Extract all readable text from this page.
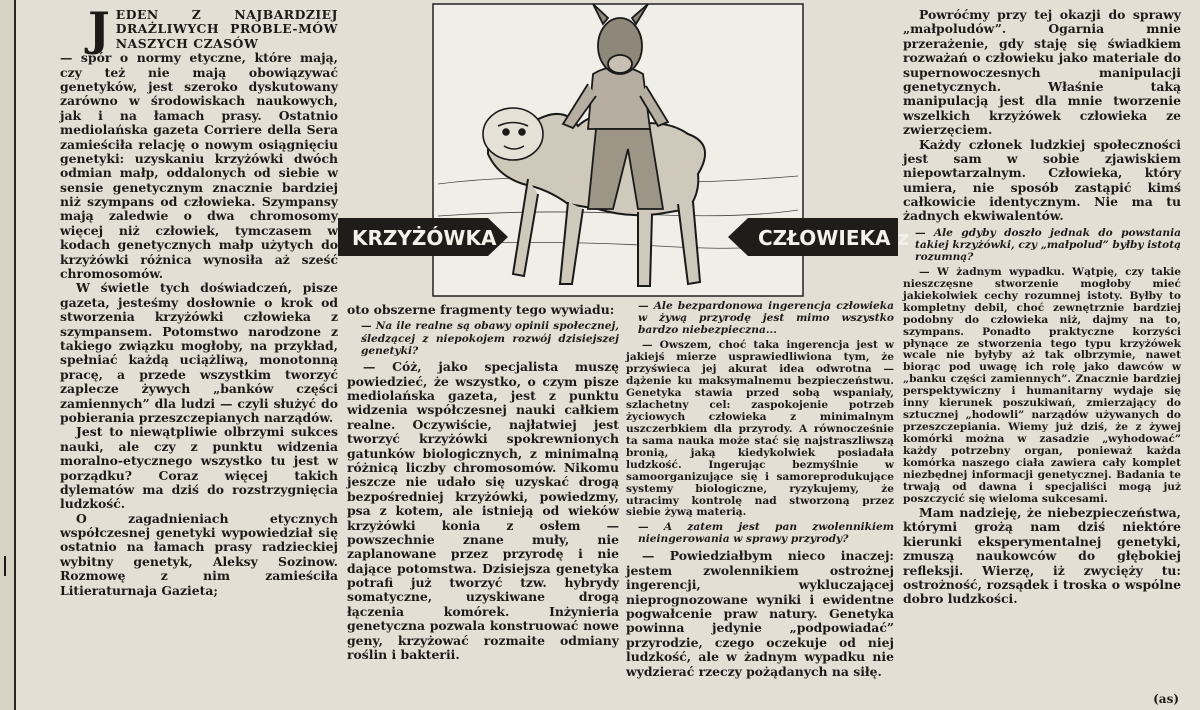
J EDEN Z NAJBARDZIEJ DRAŻLIWYCH PROBLE-MÓW NASZYCH CZASÓW

— spór o normy etyczne, które mają, czy też nie mają obowiązywać genetyków, jest szeroko dyskutowany zarówno w środowiskach naukowych, jak i na łamach prasy. Ostatnio mediolańska gazeta Corriere della Sera zamieściła relację o nowym osiągnięciu genetyki: uzyskaniu krzyżówki dwóch odmian małp, oddalonych od siebie w sensie genetycznym znacznie bardziej niż szympans od człowieka. Szympansy mają zaledwie o dwa chromosomy więcej niż człowiek, tymczasem w kodach genetycznych małp użytych do krzyżówki różnica wynosiła aż sześć chromosomów.

W świetle tych doświadczeń, pisze gazeta, jesteśmy dosłownie o krok od stworzenia krzyżówki człowieka z szympansem. Potomstwo narodzone z takiego związku mogłoby, na przykład, spełniać każdą uciążliwą, monotonną pracę, a przede wszystkim tworzyć zaplecze żywych „banków części zamiennych” dla ludzi — czyli służyć do pobierania przeszczepianych narządów.

Jest to niewątpliwie olbrzymi sukces nauki, ale czy z punktu widzenia moralno-etycznego wszystko tu jest w porządku? Coraz więcej takich dylematów ma dziś do rozstrzygnięcia ludzkość.

O zagadnieniach etycznych współczesnej genetyki wypowiedział się ostatnio na łamach prasy radzieckiej wybitny genetyk, Aleksy Sozinow. Rozmowę z nim zamieściła Litieraturnaja Gazieta;

KRZYŻÓWKA	CZŁOWIEKA z ...

oto obszerne fragmenty tego wywiadu:

— Na ile realne są obawy opinii społecznej, śledzącej z niepokojem rozwój dzisiejszej genetyki?

— Cóż, jako specjalista muszę powiedzieć, że wszystko, o czym pisze mediolańska gazeta, jest z punktu widzenia współczesnej nauki całkiem realne. Oczywiście, najłatwiej jest tworzyć krzyżówki spokrewnionych gatunków biologicznych, z minimalną różnicą liczby chromosomów. Nikomu jeszcze nie udało się uzyskać drogą bezpośredniej krzyżówki, powiedzmy, psa z kotem, ale istnieją od wieków krzyżówki konia z osłem — powszechnie znane muły, nie zaplanowane przez przyrodę i nie dające potomstwa. Dzisiejsza genetyka potrafi już tworzyć tzw. hybrydy somatyczne, uzyskiwane drogą łączenia komórek. Inżynieria genetyczna pozwala konstruować nowe geny, krzyżować rozmaite odmiany roślin i bakterii.

— Ale bezpardonowa ingerencja człowieka w żywą przyrodę jest mimo wszystko bardzo niebezpieczna...

— Owszem, choć taka ingerencja jest w jakiejś mierze usprawiedliwiona tym, że przyświeca jej akurat idea odwrotna — dążenie ku maksymalnemu bezpieczeństwu. Genetyka stawia przed sobą wspaniały, szlachetny cel: zaspokojenie potrzeb życiowych człowieka z minimalnym uszczerbkiem dla przyrody. A równocześnie ta sama nauka może stać się najstraszliwszą bronią, jaką kiedykolwiek posiadała ludzkość. Ingerując bezmyślnie w samoorganizujące się i samoreprodukujące systemy biologiczne, ryzykujemy, że utracimy kontrolę nad stworzoną przez siebie żywą materią.

— A zatem jest pan zwolennikiem nieingerowania w sprawy przyrody?

— Powiedziałbym nieco inaczej: jestem zwolennikiem ostrożnej ingerencji, wykluczającej nieprognozowane wyniki i ewidentne pogwałcenie praw natury. Genetyka powinna jedynie „podpowiadać” przyrodzie, czego oczekuje od niej ludzkość, ale w żadnym wypadku nie wydzierać rzeczy pożądanych na siłę.

Powróćmy przy tej okazji do sprawy „małpoludów”. Ogarnia mnie przerażenie, gdy staję się świadkiem rozważań o człowieku jako materiale do supernowoczesnych manipulacji genetycznych. Właśnie taką manipulacją jest dla mnie tworzenie wszelkich krzyżówek człowieka ze zwierzęciem.

Każdy członek ludzkiej społeczności jest sam w sobie zjawiskiem niepowtarzalnym. Człowieka, który umiera, nie sposób zastąpić kimś całkowicie identycznym. Nie ma tu żadnych ekwiwalentów.

— Ale gdyby doszło jednak do powstania takiej krzyżówki, czy „małpolud” byłby istotą rozumną?

— W żadnym wypadku. Wątpię, czy takie nieszczęsne stworzenie mogłoby mieć jakiekolwiek cechy rozumnej istoty. Byłby to kompletny debil, choć zewnętrznie bardziej podobny do człowieka niż, dajmy na to, szympans. Ponadto praktyczne korzyści płynące ze stworzenia tego typu krzyżówek wcale nie byłyby aż tak olbrzymie, nawet biorąc pod uwagę ich rolę jako dawców w „banku części zamiennych”. Znacznie bardziej perspektywiczny i humanitarny wydaje się inny kierunek poszukiwań, zmierzający do sztucznej „hodowli” narządów używanych do przeszczepiania. Wiemy już dziś, że z żywej komórki można w zasadzie „wyhodować” każdy potrzebny organ, ponieważ każda komórka naszego ciała zawiera cały komplet niezbędnej informacji genetycznej. Badania te trwają od dawna i specjaliści mogą już poszczycić się wieloma sukcesami.

Mam nadzieję, że niebezpieczeństwa, którymi grożą nam dziś niektóre kierunki eksperymentalnej genetyki, zmuszą naukowców do głębokiej refleksji. Wierzę, iż zwycięży tu: ostrożność, rozsądek i troska o wspólne dobro ludzkości.

(as)
